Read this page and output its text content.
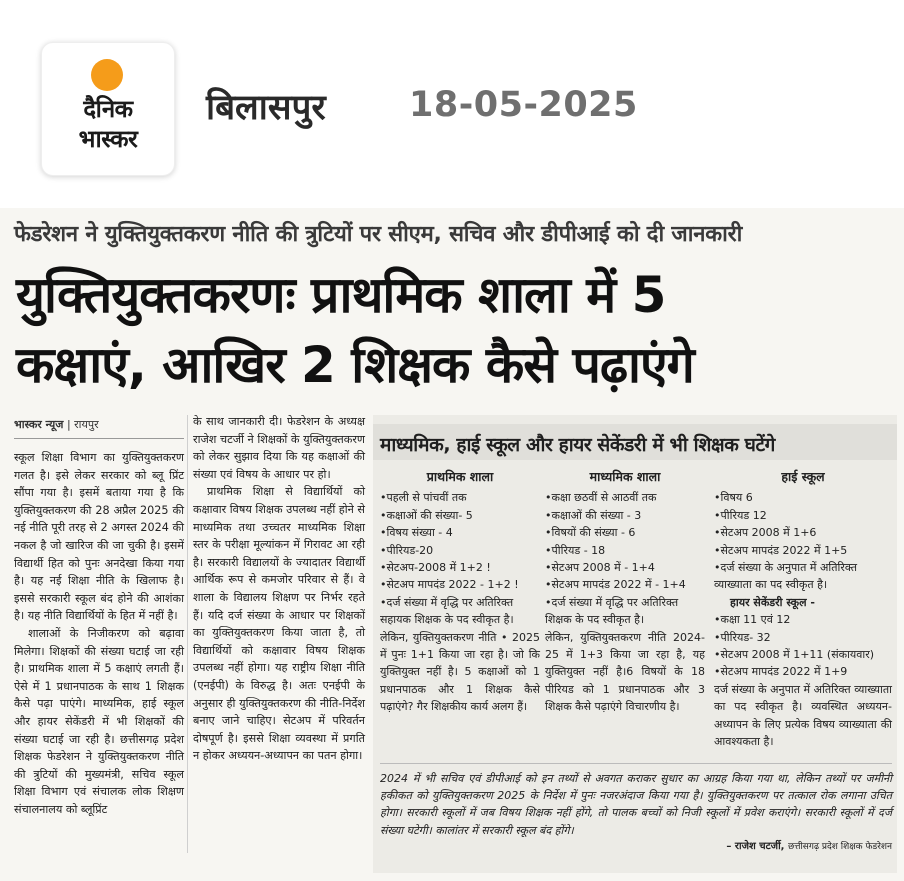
दैनिक
भास्कर
बिलासपुर 18-05-2025
फेडरेशन ने युक्तियुक्तकरण नीति की त्रुटियों पर सीएम, सचिव और डीपीआई को दी जानकारी
युक्तियुक्तकरणः प्राथमिक शाला में 5
कक्षाएं, आखिर 2 शिक्षक कैसे पढ़ाएंगे
भास्कर न्यूज | रायपुर

स्कूल शिक्षा विभाग का युक्तियुक्तकरण गलत है। इसे लेकर सरकार को ब्लू प्रिंट सौंपा गया है। इसमें बताया गया है कि युक्तियुक्तकरण की 28 अप्रैल 2025 की नई नीति पूरी तरह से 2 अगस्त 2024 की नकल है जो खारिज की जा चुकी है। इसमें विद्यार्थी हित को पुनः अनदेखा किया गया है। यह नई शिक्षा नीति के खिलाफ है। इससे सरकारी स्कूल बंद होने की आशंका है। यह नीति विद्यार्थियों के हित में नहीं है।

शालाओं के निजीकरण को बढ़ावा मिलेगा। शिक्षकों की संख्या घटाई जा रही है। प्राथमिक शाला में 5 कक्षाएं लगती हैं। ऐसे में 1 प्रधानपाठक के साथ 1 शिक्षक कैसे पढ़ा पाएंगे। माध्यमिक, हाई स्कूल और हायर सेकेंडरी में भी शिक्षकों की संख्या घटाई जा रही है। छत्तीसगढ़ प्रदेश शिक्षक फेडरेशन ने युक्तियुक्तकरण नीति की त्रुटियों की मुख्यमंत्री, सचिव स्कूल शिक्षा विभाग एवं संचालक लोक शिक्षण संचालनालय को ब्लूप्रिंट

के साथ जानकारी दी। फेडरेशन के अध्यक्ष राजेश चटर्जी ने शिक्षकों के युक्तियुक्तकरण को लेकर सुझाव दिया कि यह कक्षाओं की संख्या एवं विषय के आधार पर हो।

प्राथमिक शिक्षा से विद्यार्थियों को कक्षावार विषय शिक्षक उपलब्ध नहीं होने से माध्यमिक तथा उच्चतर माध्यमिक शिक्षा स्तर के परीक्षा मूल्यांकन में गिरावट आ रही है। सरकारी विद्यालयों के ज्यादातर विद्यार्थी आर्थिक रूप से कमजोर परिवार से हैं। वे शाला के विद्यालय शिक्षण पर निर्भर रहते हैं। यदि दर्ज संख्या के आधार पर शिक्षकों का युक्तियुक्तकरण किया जाता है, तो विद्यार्थियों को कक्षावार विषय शिक्षक उपलब्ध नहीं होगा। यह राष्ट्रीय शिक्षा नीति (एनईपी) के विरुद्ध है। अतः एनईपी के अनुसार ही युक्तियुक्तकरण की नीति-निर्देश बनाए जाने चाहिए। सेटअप में परिवर्तन दोषपूर्ण है। इससे शिक्षा व्यवस्था में प्रगति न होकर अध्ययन-अध्यापन का पतन होगा।

माध्यमिक, हाई स्कूल और हायर सेकेंडरी में भी शिक्षक घटेंगे
प्राथमिक शाला
• पहली से पांचवीं तक
• कक्षाओं की संख्या- 5
• विषय संख्या - 4
• पीरियड-20
• सेटअप-2008 में 1+2 !
• सेटअप मापदंड 2022 - 1+2 !
• दर्ज संख्या में वृद्धि पर अतिरिक्त सहायक शिक्षक के पद स्वीकृत है।
लेकिन, युक्तियुक्तकरण नीति • 2025 में पुनः 1+1 किया जा रहा है। जो कि युक्तियुक्त नहीं है। 5 कक्षाओं को 1 प्रधानपाठक और 1 शिक्षक कैसे पढ़ाएंगे? गैर शिक्षकीय कार्य अलग हैं।
माध्यमिक शाला
• कक्षा छठवीं से आठवीं तक
• कक्षाओं की संख्या - 3
• विषयों की संख्या - 6
• पीरियड - 18
• सेटअप 2008 में - 1+4
• सेटअप मापदंड 2022 में - 1+4
• दर्ज संख्या में वृद्धि पर अतिरिक्त शिक्षक के पद स्वीकृत है।
लेकिन, युक्तियुक्तकरण नीति 2024-25 में 1+3 किया जा रहा है, यह युक्तियुक्त नहीं है।6 विषयों के 18 पीरियड को 1 प्रधानपाठक और 3 शिक्षक कैसे पढ़ाएंगे विचारणीय है।
हाई स्कूल
• विषय 6
• पीरियड 12
• सेटअप 2008 में 1+6
• सेटअप मापदंड 2022 में 1+5
• दर्ज संख्या के अनुपात में अतिरिक्त व्याख्याता का पद स्वीकृत है।
हायर सेकेंडरी स्कूल -
• कक्षा 11 एवं 12
• पीरियड- 32
• सेटअप 2008 में 1+11 (संकायवार)
• सेटअप मापदंड 2022 में 1+9
दर्ज संख्या के अनुपात में अतिरिक्त व्याख्याता का पद स्वीकृत है। व्यवस्थित अध्ययन-अध्यापन के लिए प्रत्येक विषय व्याख्याता की आवश्यकता है।
2024 में भी सचिव एवं डीपीआई को इन तथ्यों से अवगत कराकर सुधार का आग्रह किया गया था, लेकिन तथ्यों पर जमीनी हकीकत को युक्तियुक्तकरण 2025 के निर्देश में पुनः नजरअंदाज किया गया है। युक्तियुक्तकरण पर तत्काल रोक लगाना उचित होगा। सरकारी स्कूलों में जब विषय शिक्षक नहीं होंगे, तो पालक बच्चों को निजी स्कूलों में प्रवेश कराएंगे। सरकारी स्कूलों में दर्ज संख्या घटेगी। कालांतर में सरकारी स्कूल बंद होंगे।
– राजेश चटर्जी, छत्तीसगढ़ प्रदेश शिक्षक फेडरेशन
